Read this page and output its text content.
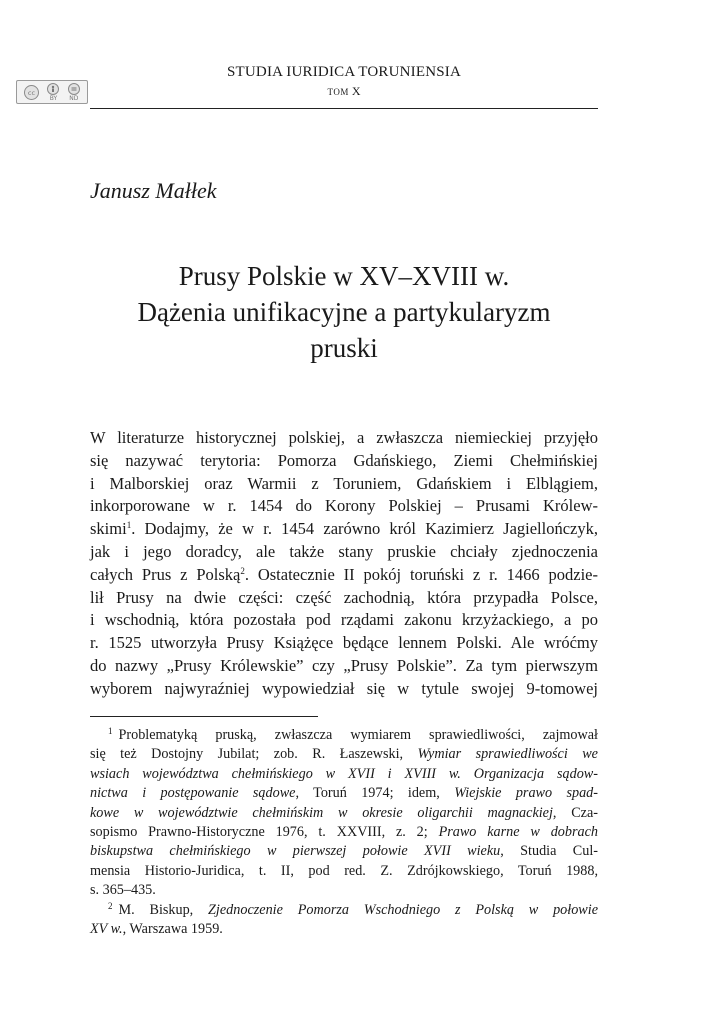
cc
BY ND
STUDIA IURIDICA TORUNIENSIA
TOM X
Janusz Małłek
Prusy Polskie w XV–XVIII w.
Dążenia unifikacyjne a partykularyzm
pruski
W literaturze historycznej polskiej, a zwłaszcza niemieckiej przyjęło
się nazywać terytoria: Pomorza Gdańskiego, Ziemi Chełmińskiej
i Malborskiej oraz Warmii z Toruniem, Gdańskiem i Elblągiem,
inkorporowane w r. 1454 do Korony Polskiej – Prusami Królew-
skimi$^1$. Dodajmy, że w r. 1454 zarówno król Kazimierz Jagiellończyk,
jak i jego doradcy, ale także stany pruskie chciały zjednoczenia
całych Prus z Polską$^2$. Ostatecznie II pokój toruński z r. 1466 podzie-
lił Prusy na dwie części: część zachodnią, która przypadła Polsce,
i wschodnią, która pozostała pod rządami zakonu krzyżackiego, a po
r. 1525 utworzyła Prusy Książęce będące lennem Polski. Ale wróćmy
do nazwy „Prusy Królewskie” czy „Prusy Polskie”. Za tym pierwszym
wyborem najwyraźniej wypowiedział się w tytule swojej 9-tomowej
$^1$ Problematyką pruską, zwłaszcza wymiarem sprawiedliwości, zajmował
się też Dostojny Jubilat; zob. R. Łaszewski, Wymiar sprawiedliwości we
wsiach województwa chełmińskiego w XVII i XVIII w. Organizacja sądow-
nictwa i postępowanie sądowe, Toruń 1974; idem, Wiejskie prawo spad-
kowe w województwie chełmińskim w okresie oligarchii magnackiej, Cza-
sopismo Prawno-Historyczne 1976, t. XXVIII, z. 2; Prawo karne w dobrach
biskupstwa chełmińskiego w pierwszej połowie XVII wieku, Studia Cul-
mensia Historio-Juridica, t. II, pod red. Z. Zdrójkowskiego, Toruń 1988,
s. 365–435.
$^2$ M. Biskup, Zjednoczenie Pomorza Wschodniego z Polską w połowie
XV w., Warszawa 1959.
